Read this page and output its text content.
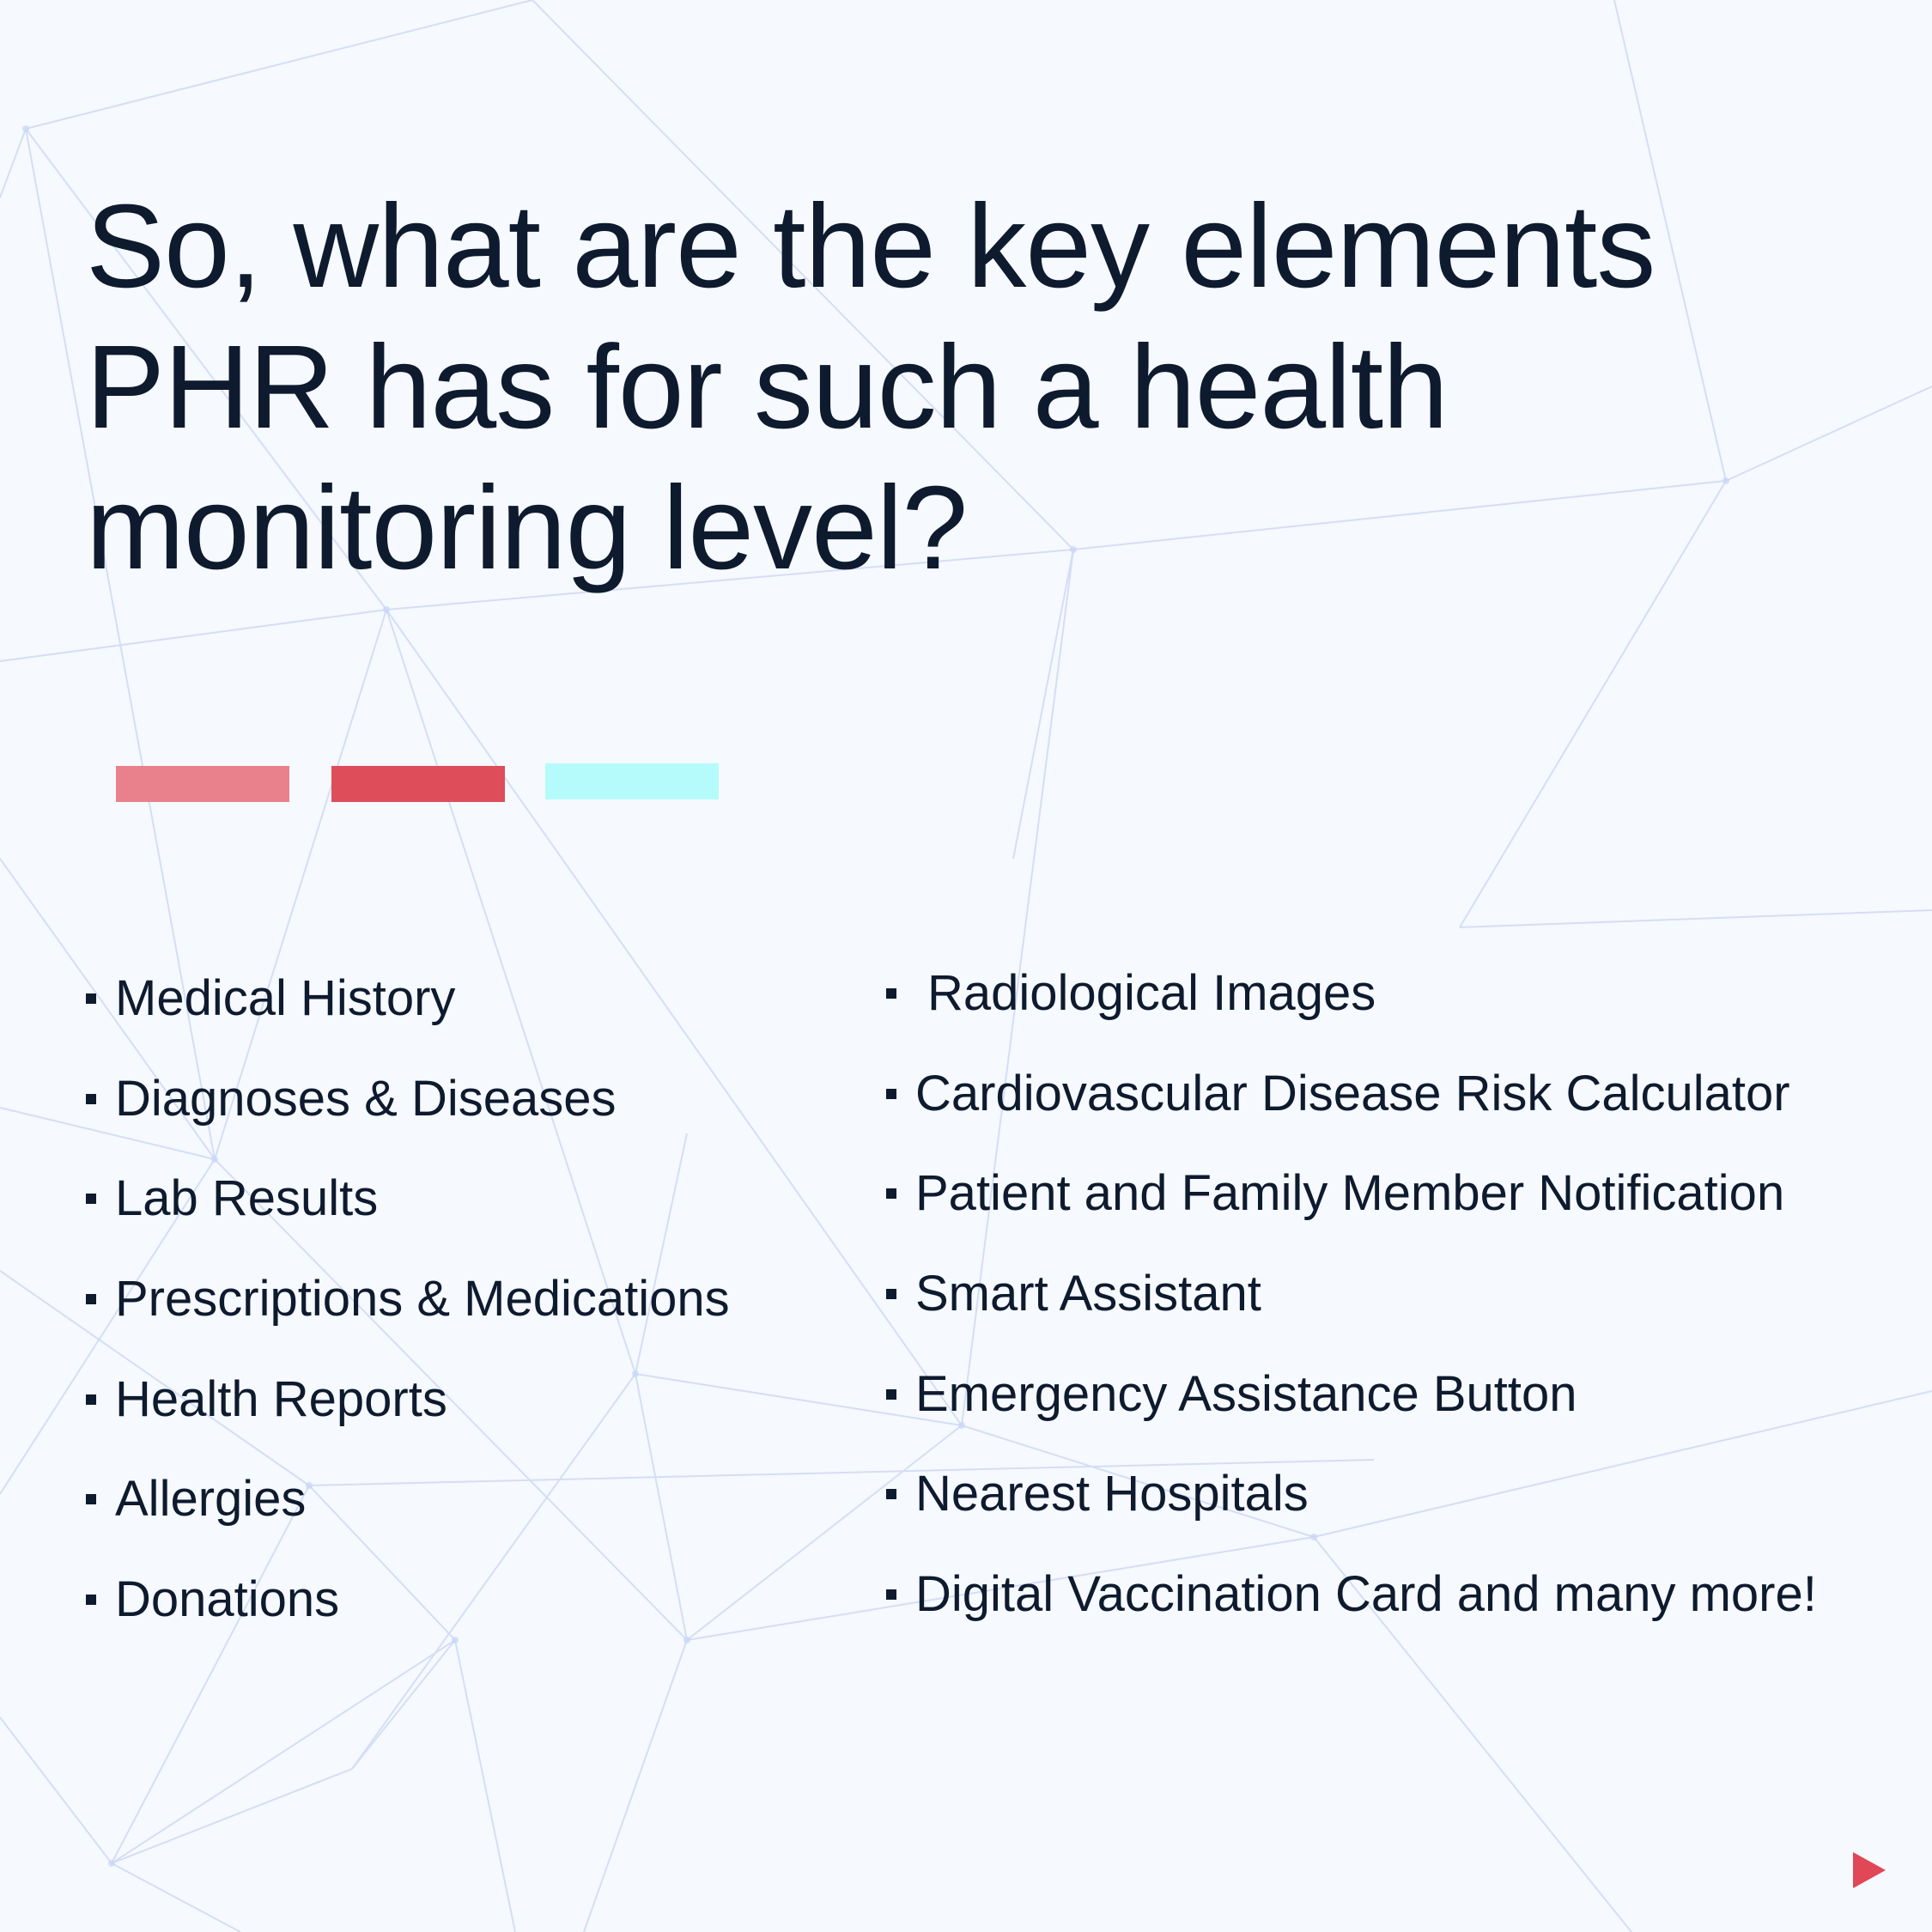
So, what are the key elements
PHR has for such a health
monitoring level?
Medical History
Diagnoses & Diseases
Lab Results
Prescriptions & Medications
Health Reports
Allergies
Donations
Radiological Images
Cardiovascular Disease Risk Calculator
Patient and Family Member Notification
Smart Assistant
Emergency Assistance Button
Nearest Hospitals
Digital Vaccination Card and many more!
